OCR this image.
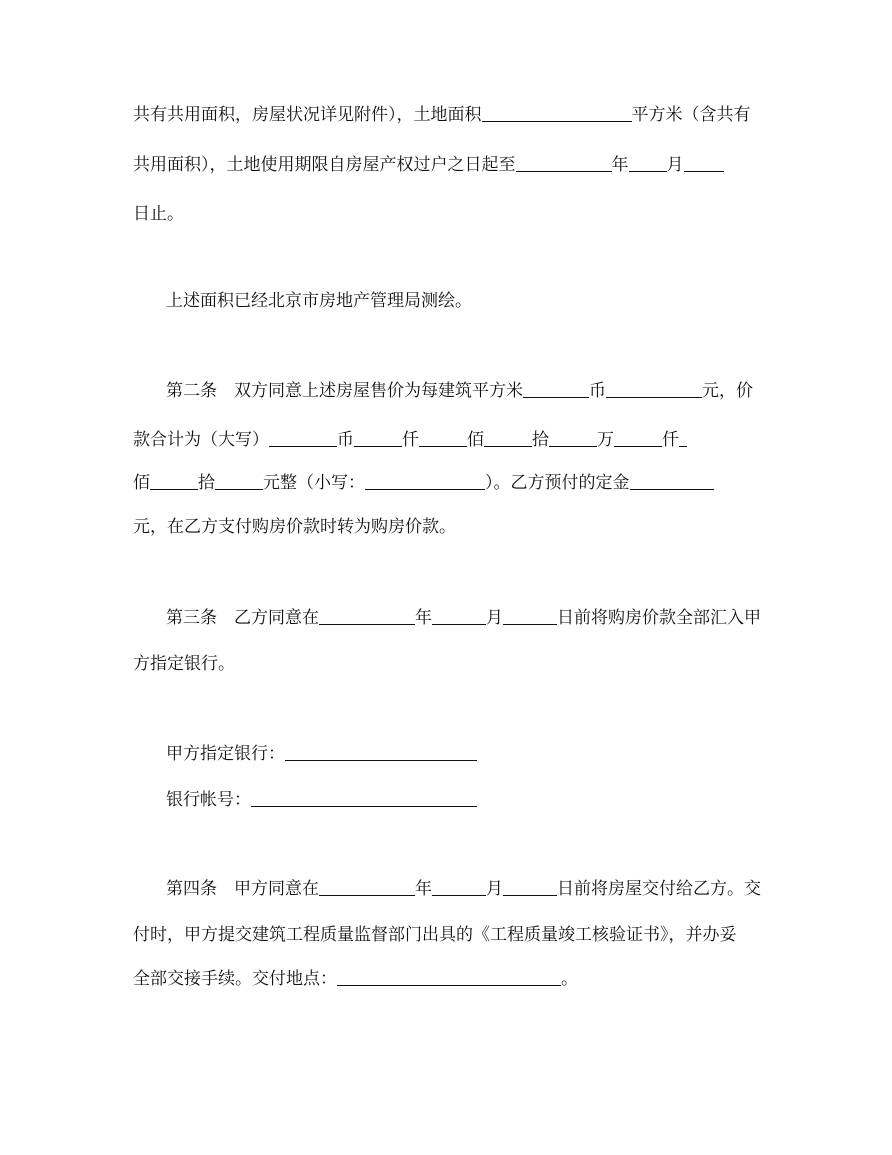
共有共用面积，房屋状况详见附件），土地面积	平方米（含共有
共用面积），土地使用期限自房屋产权过户之日起至	年 月
日止。
上述面积已经北京市房地产管理局测绘。
第二条　双方同意上述房屋售价为每建筑平方米	币	元，价
款合计为（大写）	币	仟	佰	拾	万	仟
佰	拾	元整（小写：	）。乙方预付的定金
元，在乙方支付购房价款时转为购房价款。
第三条　乙方同意在	年	月	日前将购房价款全部汇入甲
方指定银行。
甲方指定银行：
银行帐号：
第四条　甲方同意在	年	月	日前将房屋交付给乙方。交
付时，甲方提交建筑工程质量监督部门出具的《工程质量竣工核验证书》，并办妥
全部交接手续。交付地点：	。
